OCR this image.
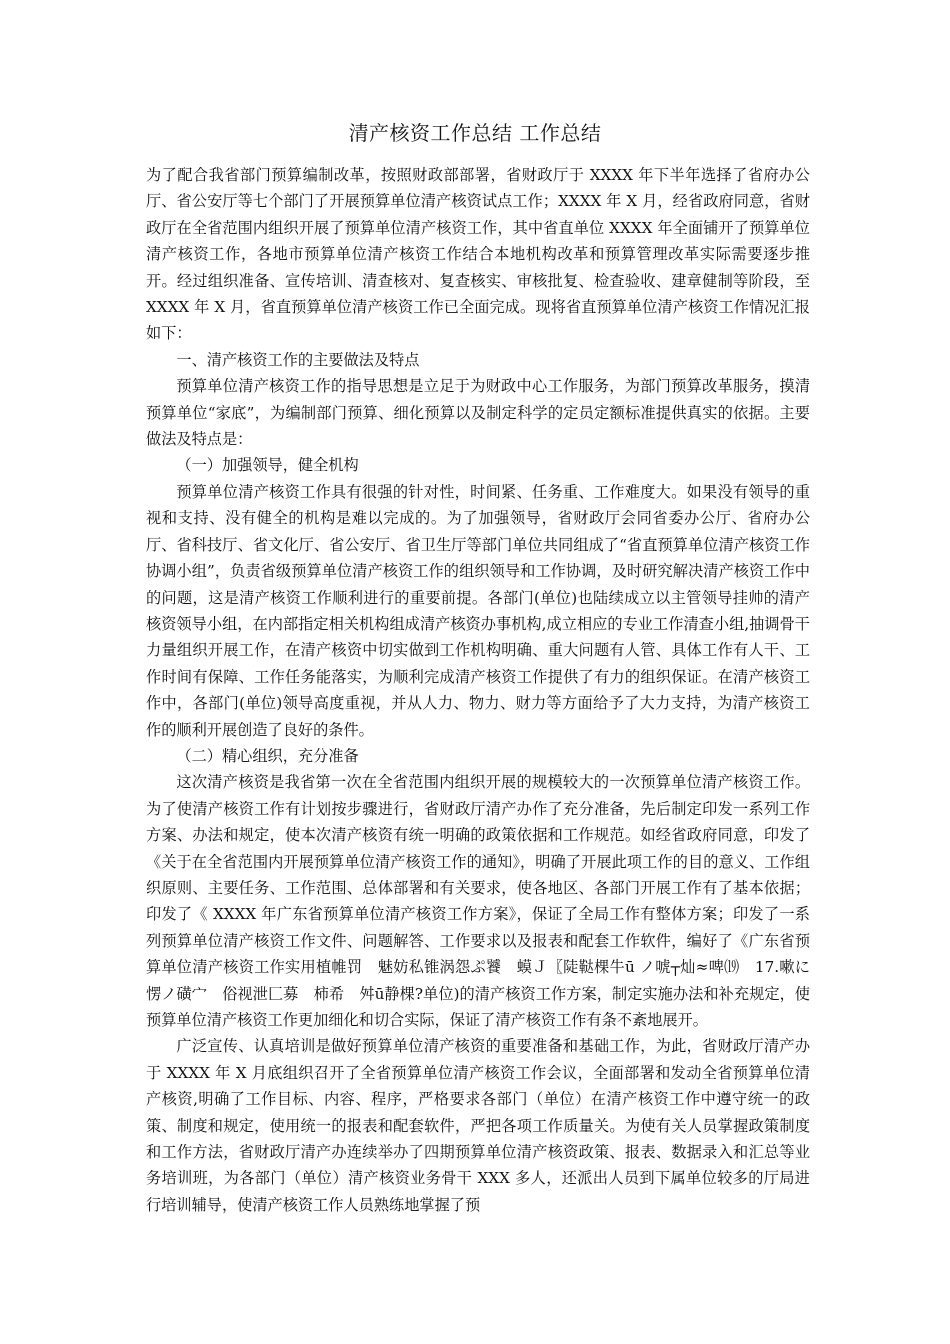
清产核资工作总结 工作总结

为了配合我省部门预算编制改革，按照财政部部署，省财政厅于 XXXX 年下半年选择了省府办公厅、省公安厅等七个部门了开展预算单位清产核资试点工作；XXXX 年 X 月，经省政府同意，省财政厅在全省范围内组织开展了预算单位清产核资工作，其中省直单位 XXXX 年全面铺开了预算单位清产核资工作，各地市预算单位清产核资工作结合本地机构改革和预算管理改革实际需要逐步推开。经过组织准备、宣传培训、清查核对、复查核实、审核批复、检查验收、建章健制等阶段，至 XXXX 年 X 月，省直预算单位清产核资工作已全面完成。现将省直预算单位清产核资工作情况汇报如下：

一、清产核资工作的主要做法及特点

预算单位清产核资工作的指导思想是立足于为财政中心工作服务，为部门预算改革服务，摸清预算单位“家底”，为编制部门预算、细化预算以及制定科学的定员定额标准提供真实的依据。主要做法及特点是：

（一）加强领导，健全机构

预算单位清产核资工作具有很强的针对性，时间紧、任务重、工作难度大。如果没有领导的重视和支持、没有健全的机构是难以完成的。为了加强领导，省财政厅会同省委办公厅、省府办公厅、省科技厅、省文化厅、省公安厅、省卫生厅等部门单位共同组成了“省直预算单位清产核资工作协调小组”，负责省级预算单位清产核资工作的组织领导和工作协调，及时研究解决清产核资工作中的问题，这是清产核资工作顺利进行的重要前提。各部门(单位)也陆续成立以主管领导挂帅的清产核资领导小组，在内部指定相关机构组成清产核资办事机构,成立相应的专业工作清查小组,抽调骨干力量组织开展工作，在清产核资中切实做到工作机构明确、重大问题有人管、具体工作有人干、工作时间有保障、工作任务能落实，为顺利完成清产核资工作提供了有力的组织保证。在清产核资工作中，各部门(单位)领导高度重视，并从人力、物力、财力等方面给予了大力支持，为清产核资工作的顺利开展创造了良好的条件。

（二）精心组织，充分准备

这次清产核资是我省第一次在全省范围内组织开展的规模较大的一次预算单位清产核资工作。为了使清产核资工作有计划按步骤进行，省财政厅清产办作了充分准备，先后制定印发一系列工作方案、办法和规定，使本次清产核资有统一明确的政策依据和工作规范。如经省政府同意，印发了《关于在全省范围内开展预算单位清产核资工作的通知》，明确了开展此项工作的目的意义、工作组织原则、主要任务、工作范围、总体部署和有关要求，使各地区、各部门开展工作有了基本依据；印发了《 XXXX 年广东省预算单位清产核资工作方案》，保证了全局工作有整体方案；印发了一系列预算单位清产核资工作文件、问题解答、工作要求以及报表和配套工作软件，编好了《广东省预算单位清产核资工作实用植帷罚　魅妨私锥涡怨ぷ饕　蟆Ｊ〖陡鞑棵牛ū ノ唬┬灿≈啤⒆　17.嗽に愣ノ磺宀　俗视泄匚募　柿希　舛ū静棵?单位)的清产核资工作方案，制定实施办法和补充规定，使预算单位清产核资工作更加细化和切合实际，保证了清产核资工作有条不紊地展开。

广泛宣传、认真培训是做好预算单位清产核资的重要准备和基础工作，为此，省财政厅清产办于 XXXX 年 X 月底组织召开了全省预算单位清产核资工作会议，全面部署和发动全省预算单位清产核资,明确了工作目标、内容、程序，严格要求各部门（单位）在清产核资工作中遵守统一的政策、制度和规定，使用统一的报表和配套软件，严把各项工作质量关。为使有关人员掌握政策制度和工作方法，省财政厅清产办连续举办了四期预算单位清产核资政策、报表、数据录入和汇总等业务培训班，为各部门（单位）清产核资业务骨干 XXX 多人，还派出人员到下属单位较多的厅局进行培训辅导，使清产核资工作人员熟练地掌握了预
